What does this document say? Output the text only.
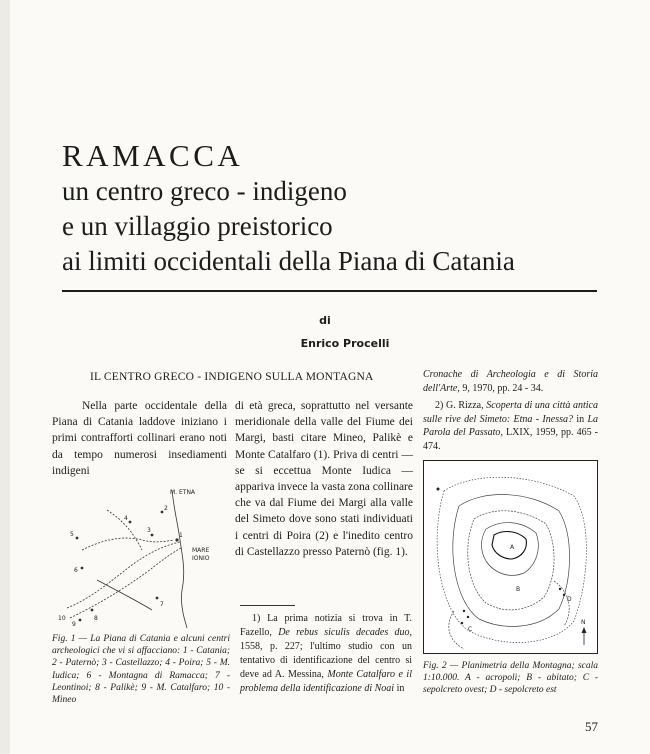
RAMACCA
un centro greco - indigeno
e un villaggio preistorico
ai limiti occidentali della Piana di Catania
di
Enrico Procelli
IL CENTRO GRECO - INDIGENO SULLA MONTAGNA
Nella parte occidentale della Piana di Catania laddove iniziano i primi contrafforti collinari erano noti da tempo numerosi insediamenti indigeni
di età greca, soprattutto nel versante meridionale della valle del Fiume dei Margi, basti citare Mineo, Palikè e Monte Catalfaro (1). Priva di centri — se si eccettua Monte Iudica — appariva invece la vasta zona collinare che va dal Fiume dei Margi alla valle del Simeto dove sono stati individuati i centri di Poira (2) e l'inedito centro di Castellazzo presso Paternò (fig. 1).

1) La prima notizia si trova in T. Fazello, De rebus siculis decades duo, 1558, p. 227; l'ultimo studio con un tentativo di identificazione del centro si deve ad A. Messina, Monte Catalfaro e il problema della identificazione di Noai in

Cronache di Archeologia e di Storia dell'Arte, 9, 1970, pp. 24 - 34.

2) G. Rizza, Scoperta di una città antica sulle rive del Simeto: Etna - Inessa? in La Parola del Passato, LXIX, 1959, pp. 465 - 474.

M. ETNA
MARE
IONIO
1
2
3
4
5
6
7
8
9
10
Fig. 1 — La Piana di Catania e alcuni centri archeologici che vi si affacciano: 1 - Catania; 2 - Paternò; 3 - Castellazzo; 4 - Poira; 5 - M. Iudica; 6 - Montagna di Ramacca; 7 - Leontinoi; 8 - Palikè; 9 - M. Catalfaro; 10 - Mineo
A
B
C
D
N
Fig. 2 — Planimetria della Montagna; scala 1:10.000. A - acropoli; B - abitato; C - sepolcreto ovest; D - sepolcreto est
57
